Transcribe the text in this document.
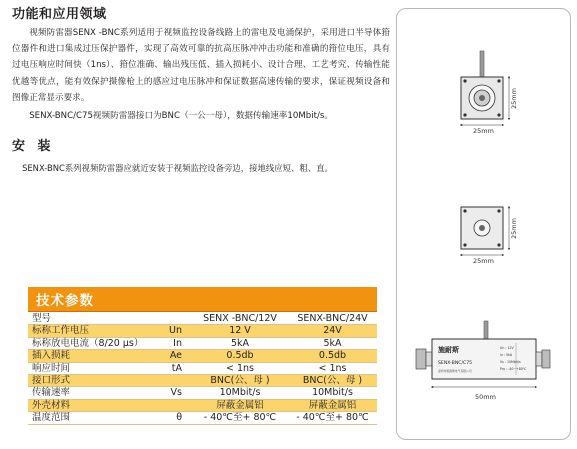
功能和应用领域

视频防雷器SENX -BNC系列适用于视频监控设备线路上的雷电及电涌保护，采用进口半导体箝位器件和进口集成过压保护器件，实现了高效可靠的抗高压脉冲冲击功能和准确的箝位电压，具有过电压响应时间快（1ns）、箝位准确、输出残压低、插入损耗小、设计合理、工艺考究、传输性能优越等优点，能有效保护摄像枪上的感应过电压脉冲和保证数据高速传输的要求，保证视频设备和图像正常显示要求。

SENX-BNC/C75视频防雷器接口为BNC（一公一母），数据传输速率10Mbit/s。

安 装

SENX-BNC系列视频防雷器应就近安装于视频监控设备旁边，接地线应短、粗、直。

技术参数
型号		SENX -BNC/12V	SENX-BNC/24V
标称工作电压	Un	12 V	24V
标称放电电流（8/20 μs）	In	5kA	5kA
插入损耗	Ae	0.5db	0.5db
响应时间	tA	< 1ns	< 1ns
接口形式		BNC(公、母 )	BNC(公、母 )
传输速率	Vs	10Mbit/s	10Mbit/s
外壳材料		屏蔽金属铝	屏蔽金属铝
温度范围	θ	- 40℃至+ 80℃	- 40℃至+ 80℃
25mm
25mm
25mm
25mm
施耐斯
SENX-BNC/C75
深圳市施耐斯电气有限公司
Un : 12V
In : 5kA
Vs : 10Mbit/s
Pro : -40~+80℃
50mm
